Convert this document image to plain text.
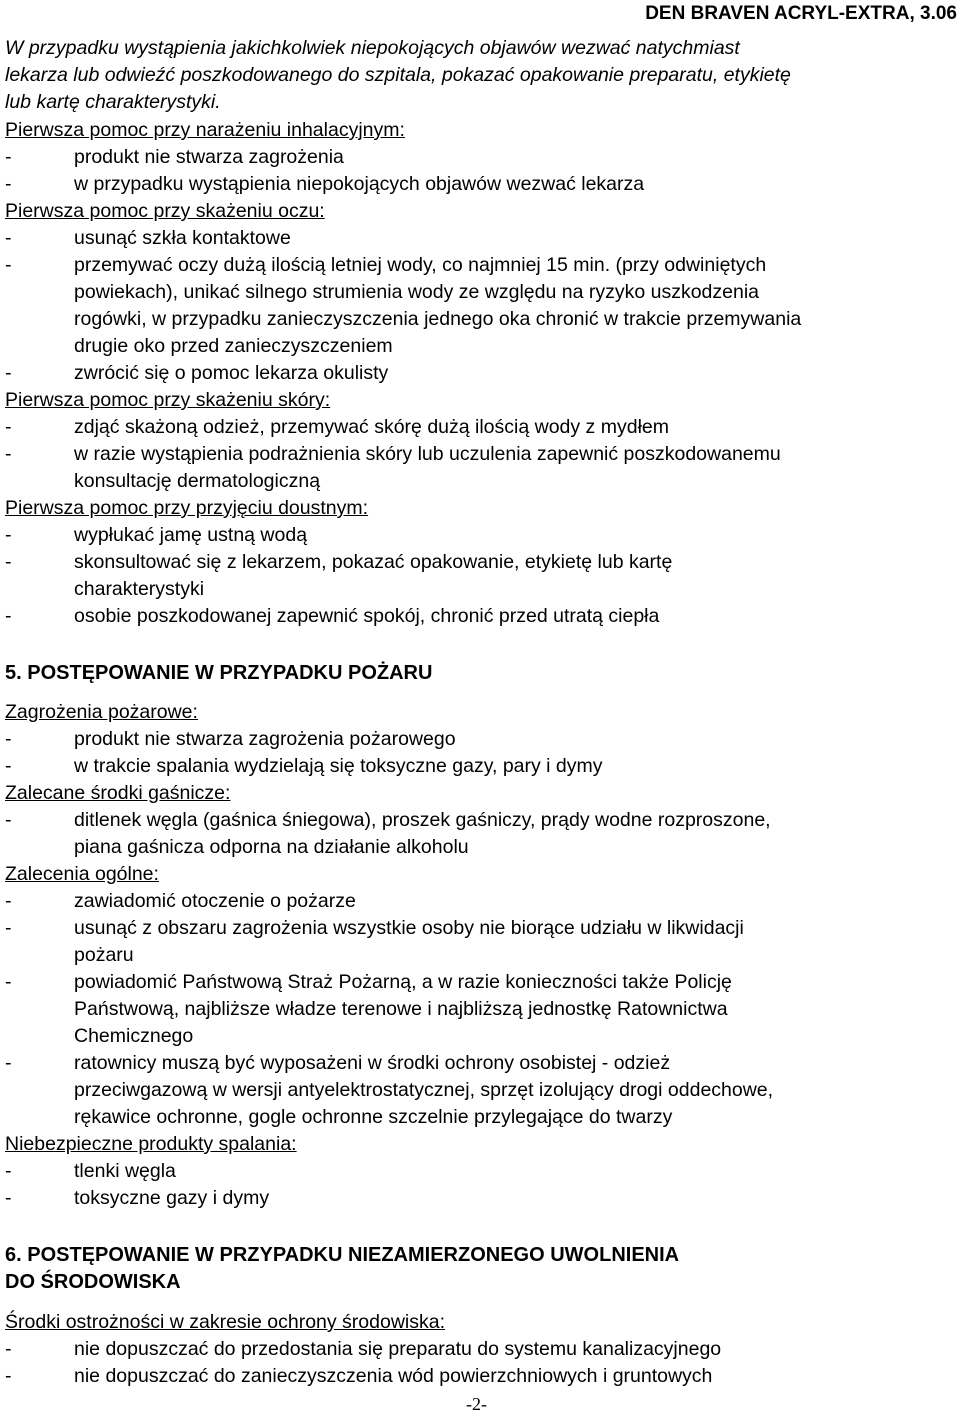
DEN BRAVEN ACRYL-EXTRA, 3.06
W przypadku wystąpienia jakichkolwiek niepokojących objawów wezwać natychmiast
lekarza lub odwieźć poszkodowanego do szpitala, pokazać opakowanie preparatu, etykietę
lub kartę charakterystyki.
Pierwsza pomoc przy narażeniu inhalacyjnym:
-	produkt nie stwarza zagrożenia
-	w przypadku wystąpienia niepokojących objawów wezwać lekarza
Pierwsza pomoc przy skażeniu oczu:
-	usunąć szkła kontaktowe
-	przemywać oczy dużą ilością letniej wody, co najmniej 15 min. (przy odwiniętych
powiekach), unikać silnego strumienia wody ze względu na ryzyko uszkodzenia
rogówki, w przypadku zanieczyszczenia jednego oka chronić w trakcie przemywania
drugie oko przed zanieczyszczeniem
-	zwrócić się o pomoc lekarza okulisty
Pierwsza pomoc przy skażeniu skóry:
-	zdjąć skażoną odzież, przemywać skórę dużą ilością wody z mydłem
-	w razie wystąpienia podrażnienia skóry lub uczulenia zapewnić poszkodowanemu
konsultację dermatologiczną
Pierwsza pomoc przy przyjęciu doustnym:
-	wypłukać jamę ustną wodą
-	skonsultować się z lekarzem, pokazać opakowanie, etykietę lub kartę
charakterystyki
-	osobie poszkodowanej zapewnić spokój, chronić przed utratą ciepła
5. POSTĘPOWANIE W PRZYPADKU POŻARU
Zagrożenia pożarowe:
-	produkt nie stwarza zagrożenia pożarowego
-	w trakcie spalania wydzielają się toksyczne gazy, pary i dymy
Zalecane środki gaśnicze:
-	ditlenek węgla (gaśnica śniegowa), proszek gaśniczy, prądy wodne rozproszone,
piana gaśnicza odporna na działanie alkoholu
Zalecenia ogólne:
-	zawiadomić otoczenie o pożarze
-	usunąć z obszaru zagrożenia wszystkie osoby nie biorące udziału w likwidacji
pożaru
-	powiadomić Państwową Straż Pożarną, a w razie konieczności także Policję
Państwową, najbliższe władze terenowe i najbliższą jednostkę Ratownictwa
Chemicznego
-	ratownicy muszą być wyposażeni w środki ochrony osobistej - odzież
przeciwgazową w wersji antyelektrostatycznej, sprzęt izolujący drogi oddechowe,
rękawice ochronne, gogle ochronne szczelnie przylegające do twarzy
Niebezpieczne produkty spalania:
-	tlenki węgla
-	toksyczne gazy i dymy
6. POSTĘPOWANIE W PRZYPADKU NIEZAMIERZONEGO UWOLNIENIA
DO ŚRODOWISKA
Środki ostrożności w zakresie ochrony środowiska:
-	nie dopuszczać do przedostania się preparatu do systemu kanalizacyjnego
-	nie dopuszczać do zanieczyszczenia wód powierzchniowych i gruntowych
-2-
